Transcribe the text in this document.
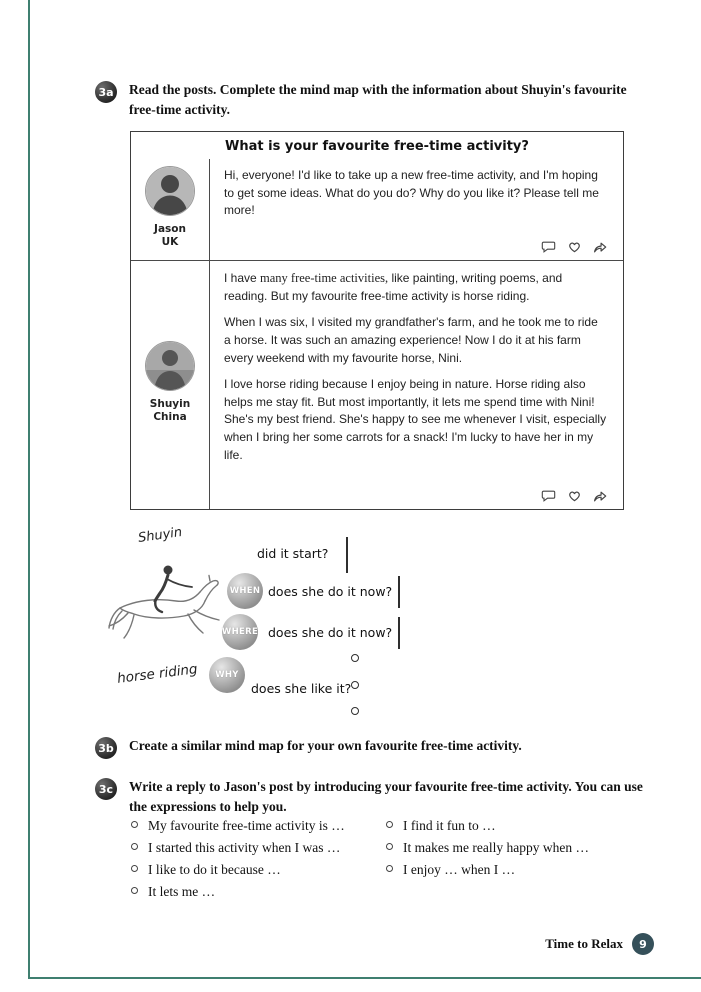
3a Read the posts. Complete the mind map with the information about Shuyin's favourite free-time activity.

What is your favourite free-time activity?
Jason
UK

Hi, everyone! I'd like to take up a new free-time activity, and I'm hoping to get some ideas. What do you do? Why do you like it? Please tell me more!

Shuyin
China

I have many free-time activities, like painting, writing poems, and reading. But my favourite free-time activity is horse riding.

When I was six, I visited my grandfather's farm, and he took me to ride a horse. It was such an amazing experience! Now I do it at his farm every weekend with my favourite horse, Nini.

I love horse riding because I enjoy being in nature. Horse riding also helps me stay fit. But most importantly, it lets me spend time with Nini! She's my best friend. She's happy to see me whenever I visit, especially when I bring her some carrots for a snack! I'm lucky to have her in my life.

Shuyin
horse riding
did it start?
WHEN does she do it now?
WHERE does she do it now?
WHY
does she like it?
3b Create a similar mind map for your own favourite free-time activity.

3c Write a reply to Jason's post by introducing your favourite free-time activity. You can use the expressions to help you.

My favourite free-time activity is …
I started this activity when I was …
I like to do it because …
It lets me …
I find it fun to …
It makes me really happy when …
I enjoy … when I …
Time to Relax	9
